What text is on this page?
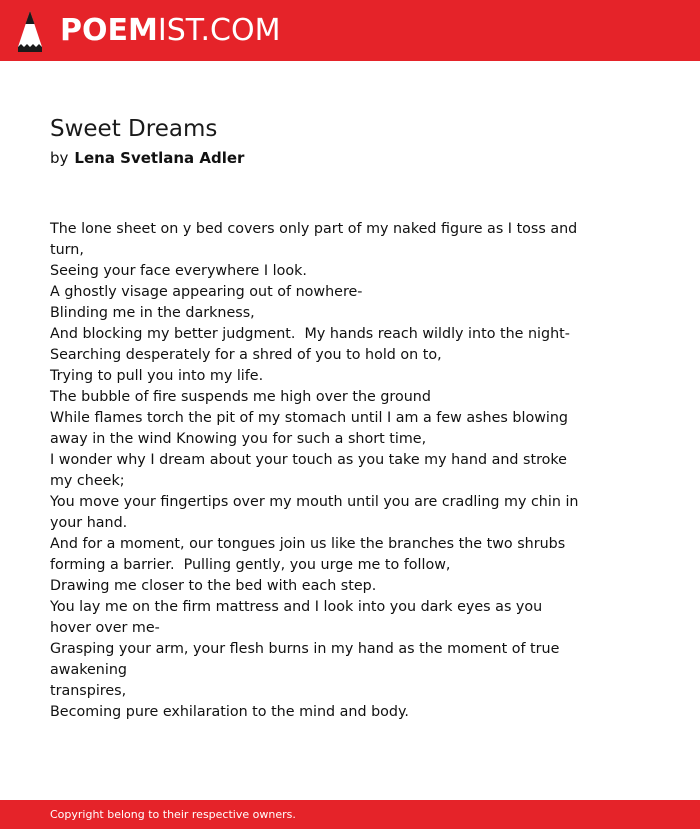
POEMIST.COM
Sweet Dreams
by Lena Svetlana Adler
The lone sheet on y bed covers only part of my naked figure as I toss and turn,
Seeing your face everywhere I look.
A ghostly visage appearing out of nowhere-
Blinding me in the darkness,
And blocking my better judgment.  My hands reach wildly into the night-
Searching desperately for a shred of you to hold on to,
Trying to pull you into my life.
The bubble of fire suspends me high over the ground
While flames torch the pit of my stomach until I am a few ashes blowing away in the wind Knowing you for such a short time,
I wonder why I dream about your touch as you take my hand and stroke my cheek;
You move your fingertips over my mouth until you are cradling my chin in your hand.
And for a moment, our tongues join us like the branches the two shrubs forming a barrier.  Pulling gently, you urge me to follow,
Drawing me closer to the bed with each step.
You lay me on the firm mattress and I look into you dark eyes as you hover over me-
Grasping your arm, your flesh burns in my hand as the moment of true awakening
transpires,
Becoming pure exhilaration to the mind and body.
Copyright belong to their respective owners.
